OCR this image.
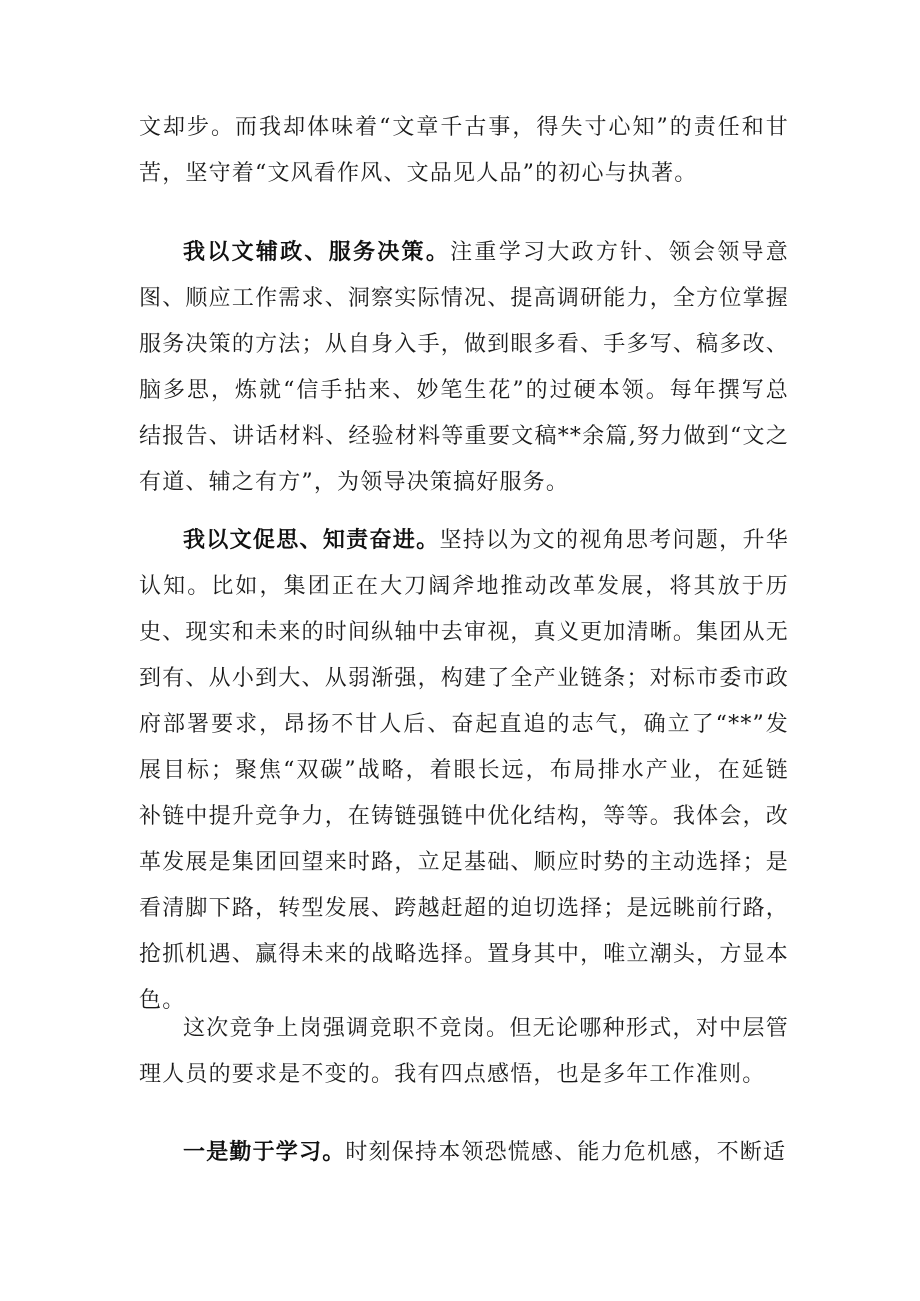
文却步。而我却体味着“文章千古事，得失寸心知”的责任和甘苦，坚守着“文风看作风、文品见人品”的初心与执著。

我以文辅政、服务决策。注重学习大政方针、领会领导意图、顺应工作需求、洞察实际情况、提高调研能力，全方位掌握服务决策的方法；从自身入手，做到眼多看、手多写、稿多改、脑多思，炼就“信手拈来、妙笔生花”的过硬本领。每年撰写总结报告、讲话材料、经验材料等重要文稿**余篇,努力做到“文之有道、辅之有方”，为领导决策搞好服务。

我以文促思、知责奋进。坚持以为文的视角思考问题，升华认知。比如，集团正在大刀阔斧地推动改革发展，将其放于历史、现实和未来的时间纵轴中去审视，真义更加清晰。集团从无到有、从小到大、从弱渐强，构建了全产业链条；对标市委市政府部署要求，昂扬不甘人后、奋起直追的志气，确立了“**”发展目标；聚焦“双碳”战略，着眼长远，布局排水产业，在延链补链中提升竞争力，在铸链强链中优化结构，等等。我体会，改革发展是集团回望来时路，立足基础、顺应时势的主动选择；是看清脚下路，转型发展、跨越赶超的迫切选择；是远眺前行路，抢抓机遇、赢得未来的战略选择。置身其中，唯立潮头，方显本色。

这次竞争上岗强调竞职不竞岗。但无论哪种形式，对中层管理人员的要求是不变的。我有四点感悟，也是多年工作准则。

一是勤于学习。时刻保持本领恐慌感、能力危机感，不断适
